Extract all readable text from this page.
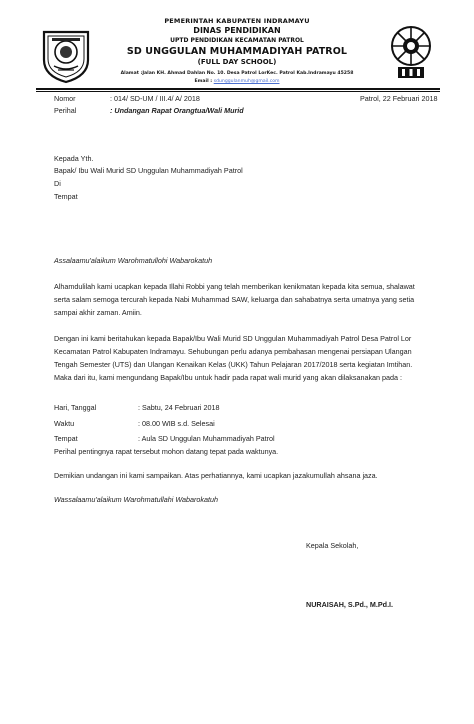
PEMERINTAH KABUPATEN INDRAMAYU
DINAS PENDIDIKAN
UPTD PENDIDIKAN KECAMATAN PATROL
SD UNGGULAN MUHAMMADIYAH PATROL
(FULL DAY SCHOOL)
Alamat :Jalan KH. Ahmad Dahlan No. 10. Desa Patrol LorKec. Patrol Kab.Indramayu 45258
Email : sdunggulanmuh@gmail.com
Nomor	: 014/ SD-UM / III.4/ A/ 2018	Patrol, 22 Februari 2018
Perihal	: Undangan Rapat Orangtua/Wali Murid
Kepada Yth.
Bapak/ Ibu Wali Murid SD Unggulan Muhammadiyah Patrol
Di
Tempat
Assalaamu'alaikum Warohmatullohi Wabarokatuh
Alhamdulilah kami ucapkan kepada Illahi Robbi yang telah memberikan kenikmatan kepada kita semua, shalawat
serta salam semoga tercurah kepada Nabi Muhammad SAW, keluarga dan sahabatnya serta umatnya yang setia
sampai akhir zaman. Amiin.
Dengan ini kami beritahukan kepada Bapak/Ibu Wali Murid SD Unggulan Muhammadiyah Patrol Desa Patrol Lor
Kecamatan Patrol Kabupaten Indramayu. Sehubungan perlu adanya pembahasan mengenai persiapan Ulangan
Tengah Semester (UTS) dan Ulangan Kenaikan Kelas (UKK) Tahun Pelajaran 2017/2018 serta kegiatan Imtihan.
Maka dari itu, kami mengundang Bapak/Ibu untuk hadir pada rapat wali murid yang akan dilaksanakan pada :
Hari, Tanggal	: Sabtu, 24 Februari 2018
Waktu	: 08.00 WIB s.d. Selesai
Tempat	: Aula SD Unggulan Muhammadiyah Patrol
Perihal pentingnya rapat tersebut mohon datang tepat pada waktunya.
Demikian undangan ini kami sampaikan. Atas perhatiannya, kami ucapkan jazakumullah ahsana jaza.
Wassalaamu'alaikum Warohmatullahi Wabarokatuh
Kepala Sekolah,
NURAISAH, S.Pd., M.Pd.I.
